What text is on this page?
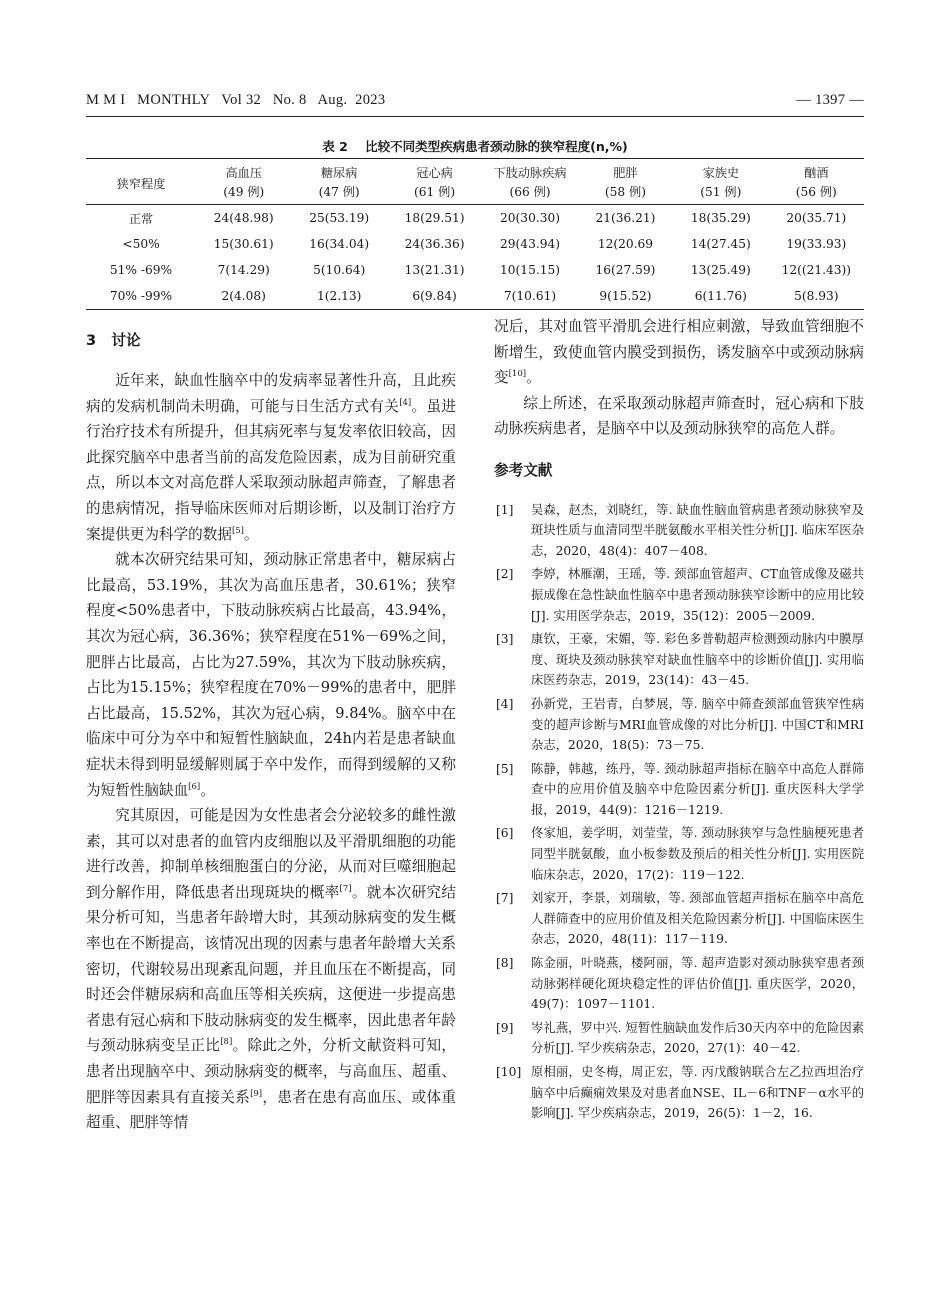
M M I   MONTHLY   Vol 32   No. 8   Aug.  2023	— 1397 —
表 2    比较不同类型疾病患者颈动脉的狭窄程度(n,%)
狭窄程度	高血压	糖尿病	冠心病	下肢动脉疾病	肥胖	家族史	酗酒
	(49 例)	(47 例)	(61 例)	(66 例)	(58 例)	(51 例)	(56 例)
正常	24(48.98)	25(53.19)	18(29.51)	20(30.30)	21(36.21)	18(35.29)	20(35.71)
<50%	15(30.61)	16(34.04)	24(36.36)	29(43.94)	12(20.69	14(27.45)	19(33.93)
51% -69%	7(14.29)	5(10.64)	13(21.31)	10(15.15)	16(27.59)	13(25.49)	12((21.43))
70% -99%	2(4.08)	1(2.13)	6(9.84)	7(10.61)	9(15.52)	6(11.76)	5(8.93)
3   讨论

近年来，缺血性脑卒中的发病率显著性升高，且此疾病的发病机制尚未明确，可能与日生活方式有关[4]。虽进行治疗技术有所提升，但其病死率与复发率依旧较高，因此探究脑卒中患者当前的高发危险因素，成为目前研究重点，所以本文对高危群人采取颈动脉超声筛查，了解患者的患病情况，指导临床医师对后期诊断，以及制订治疗方案提供更为科学的数据[5]。

就本次研究结果可知，颈动脉正常患者中，糖尿病占比最高，53.19%，其次为高血压患者，30.61%；狭窄程度<50%患者中，下肢动脉疾病占比最高，43.94%，其次为冠心病，36.36%；狭窄程度在51%－69%之间，肥胖占比最高，占比为27.59%，其次为下肢动脉疾病，占比为15.15%；狭窄程度在70%－99%的患者中，肥胖占比最高，15.52%，其次为冠心病，9.84%。脑卒中在临床中可分为卒中和短暂性脑缺血，24h内若是患者缺血症状未得到明显缓解则属于卒中发作，而得到缓解的又称为短暂性脑缺血[6]。

究其原因，可能是因为女性患者会分泌较多的雌性激素，其可以对患者的血管内皮细胞以及平滑肌细胞的功能进行改善，抑制单核细胞蛋白的分泌，从而对巨噬细胞起到分解作用，降低患者出现斑块的概率[7]。就本次研究结果分析可知，当患者年龄增大时，其颈动脉病变的发生概率也在不断提高，该情况出现的因素与患者年龄增大关系密切，代谢较易出现紊乱问题，并且血压在不断提高，同时还会伴糖尿病和高血压等相关疾病，这便进一步提高患者患有冠心病和下肢动脉病变的发生概率，因此患者年龄与颈动脉病变呈正比[8]。除此之外，分析文献资料可知，患者出现脑卒中、颈动脉病变的概率，与高血压、超重、肥胖等因素具有直接关系[9]，患者在患有高血压、或体重超重、肥胖等情

况后，其对血管平滑肌会进行相应刺激，导致血管细胞不断增生，致使血管内膜受到损伤，诱发脑卒中或颈动脉病变[10]。

综上所述，在采取颈动脉超声筛查时，冠心病和下肢动脉疾病患者，是脑卒中以及颈动脉狭窄的高危人群。

参考文献
[1] 吴森，赵杰，刘晓红，等. 缺血性脑血管病患者颈动脉狭窄及斑块性质与血清同型半胱氨酸水平相关性分析[J]. 临床军医杂志，2020，48(4)：407－408.
[2] 李婷，林雁潮，王瑶，等. 颈部血管超声、CT血管成像及磁共振成像在急性缺血性脑卒中患者颈动脉狭窄诊断中的应用比较[J]. 实用医学杂志，2019，35(12)：2005－2009.
[3] 康钦，王豪，宋媚，等. 彩色多普勒超声检测颈动脉内中膜厚度、斑块及颈动脉狭窄对缺血性脑卒中的诊断价值[J]. 实用临床医药杂志，2019，23(14)：43－45.
[4] 孙新党，王岩青，白梦展，等. 脑卒中筛查颈部血管狭窄性病变的超声诊断与MRI血管成像的对比分析[J]. 中国CT和MRI杂志，2020，18(5)：73－75.
[5] 陈静，韩越，练丹，等. 颈动脉超声指标在脑卒中高危人群筛查中的应用价值及脑卒中危险因素分析[J]. 重庆医科大学学报，2019，44(9)：1216－1219.
[6] 佟家旭，姜学明，刘莹莹，等. 颈动脉狭窄与急性脑梗死患者同型半胱氨酸，血小板参数及预后的相关性分析[J]. 实用医院临床杂志，2020，17(2)：119－122.
[7] 刘家开，李景，刘瑞敏，等. 颈部血管超声指标在脑卒中高危人群筛查中的应用价值及相关危险因素分析[J]. 中国临床医生杂志，2020，48(11)：117－119.
[8] 陈金丽，叶晓燕，楼阿丽，等. 超声造影对颈动脉狭窄患者颈动脉粥样硬化斑块稳定性的评估价值[J]. 重庆医学，2020，49(7)：1097－1101.
[9] 岑礼燕，罗中兴. 短暂性脑缺血发作后30天内卒中的危险因素分析[J]. 罕少疾病杂志，2020，27(1)：40－42.
[10] 原相丽，史冬梅，周正宏，等. 丙戊酸钠联合左乙拉西坦治疗脑卒中后癫痫效果及对患者血NSE、IL－6和TNF－α水平的影响[J]. 罕少疾病杂志，2019，26(5)：1－2，16.
